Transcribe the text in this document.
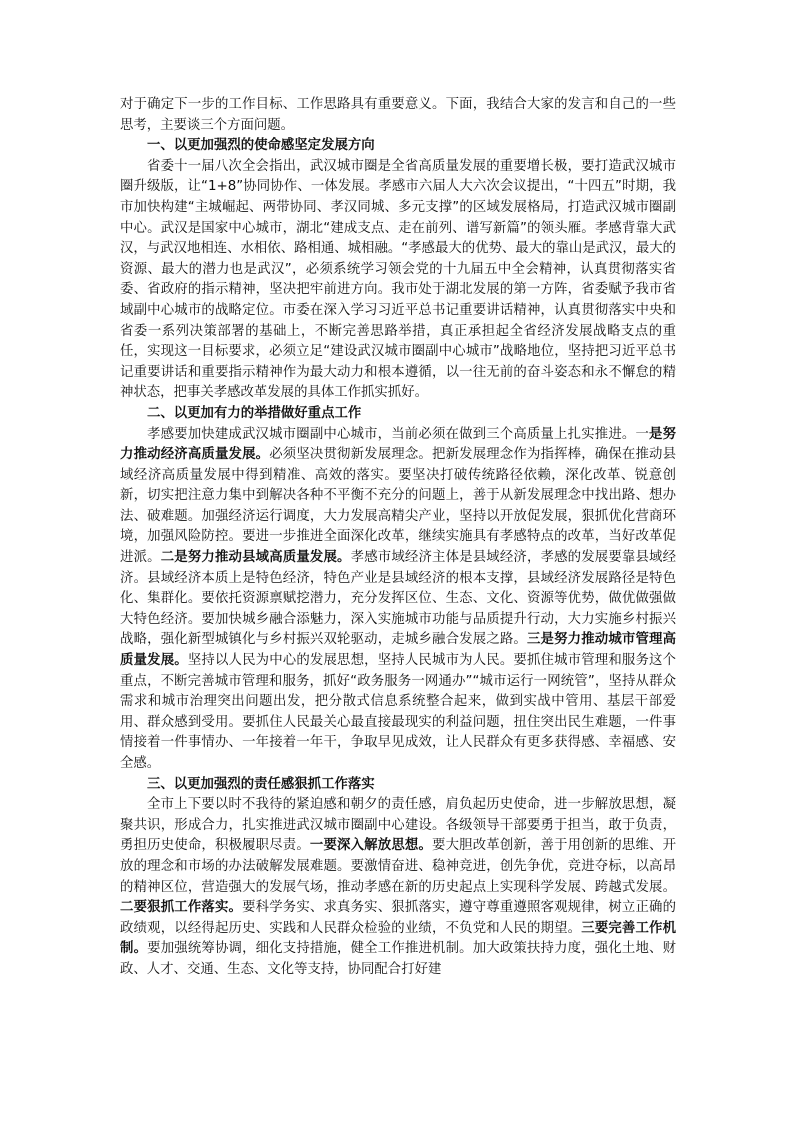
对于确定下一步的工作目标、工作思路具有重要意义。下面，我结合大家的发言和自己的一些思考，主要谈三个方面问题。

一、以更加强烈的使命感坚定发展方向

省委十一届八次全会指出，武汉城市圈是全省高质量发展的重要增长极，要打造武汉城市圈升级版，让“1+8”协同协作、一体发展。孝感市六届人大六次会议提出，“十四五”时期，我市加快构建“主城崛起、两带协同、孝汉同城、多元支撑”的区域发展格局，打造武汉城市圈副中心。武汉是国家中心城市，湖北“建成支点、走在前列、谱写新篇”的领头雁。孝感背靠大武汉，与武汉地相连、水相依、路相通、城相融。“孝感最大的优势、最大的靠山是武汉，最大的资源、最大的潜力也是武汉”，必须系统学习领会党的十九届五中全会精神，认真贯彻落实省委、省政府的指示精神，坚决把牢前进方向。我市处于湖北发展的第一方阵，省委赋予我市省域副中心城市的战略定位。市委在深入学习习近平总书记重要讲话精神，认真贯彻落实中央和省委一系列决策部署的基础上，不断完善思路举措，真正承担起全省经济发展战略支点的重任，实现这一目标要求，必须立足“建设武汉城市圈副中心城市”战略地位，坚持把习近平总书记重要讲话和重要指示精神作为最大动力和根本遵循，以一往无前的奋斗姿态和永不懈怠的精神状态，把事关孝感改革发展的具体工作抓实抓好。

二、以更加有力的举措做好重点工作

孝感要加快建成武汉城市圈副中心城市，当前必须在做到三个高质量上扎实推进。一是努力推动经济高质量发展。必须坚决贯彻新发展理念。把新发展理念作为指挥棒，确保在推动县域经济高质量发展中得到精准、高效的落实。要坚决打破传统路径依赖，深化改革、锐意创新，切实把注意力集中到解决各种不平衡不充分的问题上，善于从新发展理念中找出路、想办法、破难题。加强经济运行调度，大力发展高精尖产业，坚持以开放促发展，狠抓优化营商环境，加强风险防控。要进一步推进全面深化改革，继续实施具有孝感特点的改革，当好改革促进派。二是努力推动县域高质量发展。孝感市域经济主体是县域经济，孝感的发展要靠县域经济。县域经济本质上是特色经济，特色产业是县域经济的根本支撑，县域经济发展路径是特色化、集群化。要依托资源禀赋挖潜力，充分发挥区位、生态、文化、资源等优势，做优做强做大特色经济。要加快城乡融合添魅力，深入实施城市功能与品质提升行动，大力实施乡村振兴战略，强化新型城镇化与乡村振兴双轮驱动，走城乡融合发展之路。三是努力推动城市管理高质量发展。坚持以人民为中心的发展思想，坚持人民城市为人民。要抓住城市管理和服务这个重点，不断完善城市管理和服务，抓好“政务服务一网通办”“城市运行一网统管”，坚持从群众需求和城市治理突出问题出发，把分散式信息系统整合起来，做到实战中管用、基层干部爱用、群众感到受用。要抓住人民最关心最直接最现实的利益问题，扭住突出民生难题，一件事情接着一件事情办、一年接着一年干，争取早见成效，让人民群众有更多获得感、幸福感、安全感。

三、以更加强烈的责任感狠抓工作落实

全市上下要以时不我待的紧迫感和朝夕的责任感，肩负起历史使命，进一步解放思想，凝聚共识，形成合力，扎实推进武汉城市圈副中心建设。各级领导干部要勇于担当，敢于负责，勇担历史使命，积极履职尽责。一要深入解放思想。要大胆改革创新，善于用创新的思维、开放的理念和市场的办法破解发展难题。要激情奋进、稳神竞进，创先争优，竞进夺标，以高昂的精神区位，营造强大的发展气场，推动孝感在新的历史起点上实现科学发展、跨越式发展。二要狠抓工作落实。要科学务实、求真务实、狠抓落实，遵守尊重遵照客观规律，树立正确的政绩观，以经得起历史、实践和人民群众检验的业绩，不负党和人民的期望。三要完善工作机制。要加强统筹协调，细化支持措施，健全工作推进机制。加大政策扶持力度，强化土地、财政、人才、交通、生态、文化等支持，协同配合打好建
